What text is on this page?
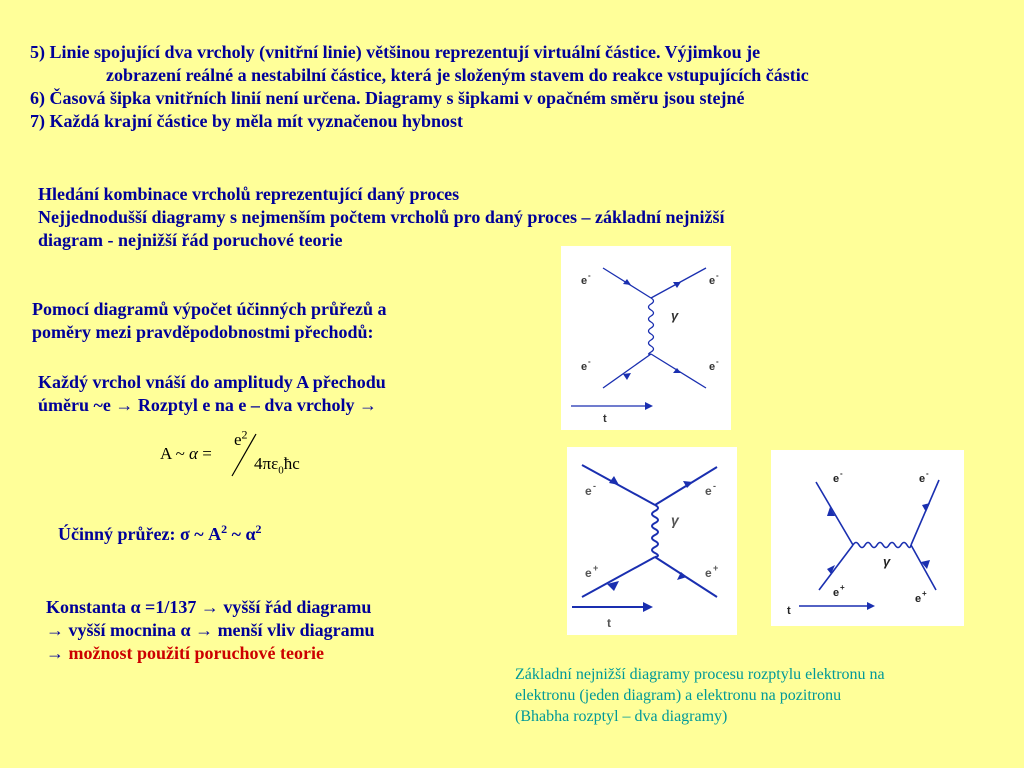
5) Linie spojující dva vrcholy (vnitřní linie) většinou reprezentují virtuální částice. Výjimkou je
zobrazení reálné a nestabilní částice, která je složeným stavem do reakce vstupujících částic
6) Časová šipka vnitřních linií není určena. Diagramy s šipkami v opačném směru jsou stejné
7) Každá krajní částice by měla mít vyznačenou hybnost
Hledání kombinace vrcholů reprezentující daný proces
Nejjednodušší diagramy s nejmenším počtem vrcholů pro daný proces – základní nejnižší
diagram - nejnižší řád poruchové teorie
Pomocí diagramů výpočet účinných průřezů a
poměry mezi pravděpodobnostmi přechodů:
Každý vrchol vnáší do amplitudy A přechodu
úměru ~e → Rozptyl e na e – dva vrcholy →
A ~ α =
$e^2$
$4\pi\varepsilon_0ħc$
Účinný průřez: σ ~ $A^2$ ~ $\alpha^2$
Konstanta α =1/137 → vyšší řád diagramu
→ vyšší mocnina α → menší vliv diagramu
→ možnost použití poruchové teorie
Základní nejnižší diagramy procesu rozptylu elektronu na
elektronu (jeden diagram) a elektronu na pozitronu
(Bhabha rozptyl – dva diagramy)
e -	e -
e -	e -
γ
t
e -	e -
e +	e +
γ
t
e -	e -
e +
e +
γ
t
